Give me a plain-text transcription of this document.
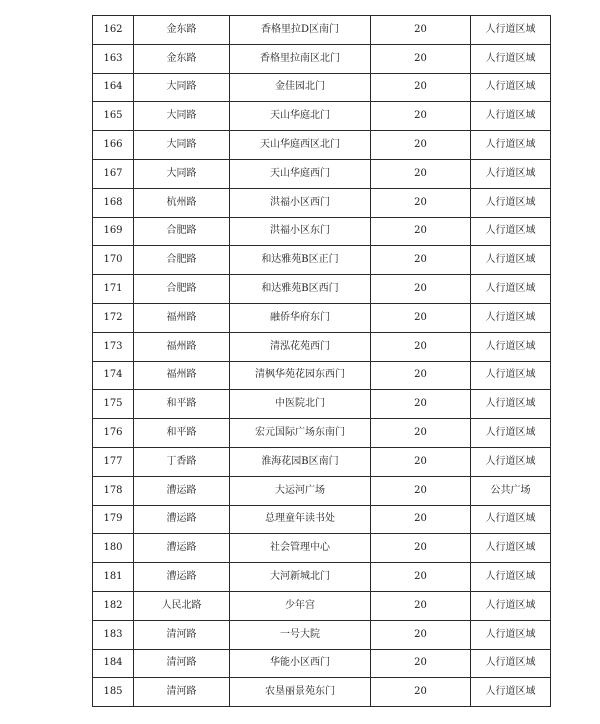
162	金东路	香格里拉D区南门	20	人行道区域
163	金东路	香格里拉南区北门	20	人行道区域
164	大同路	金佳园北门	20	人行道区域
165	大同路	天山华庭北门	20	人行道区域
166	大同路	天山华庭西区北门	20	人行道区域
167	大同路	天山华庭西门	20	人行道区域
168	杭州路	洪福小区西门	20	人行道区域
169	合肥路	洪福小区东门	20	人行道区域
170	合肥路	和达雅苑B区正门	20	人行道区域
171	合肥路	和达雅苑B区西门	20	人行道区域
172	福州路	融侨华府东门	20	人行道区域
173	福州路	清泓花苑西门	20	人行道区域
174	福州路	清枫华苑花园东西门	20	人行道区域
175	和平路	中医院北门	20	人行道区域
176	和平路	宏元国际广场东南门	20	人行道区域
177	丁香路	淮海花园B区南门	20	人行道区域
178	漕运路	大运河广场	20	公共广场
179	漕运路	总理童年读书处	20	人行道区域
180	漕运路	社会管理中心	20	人行道区域
181	漕运路	大河新城北门	20	人行道区域
182	人民北路	少年宫	20	人行道区域
183	清河路	一号大院	20	人行道区域
184	清河路	华能小区西门	20	人行道区域
185	清河路	农垦丽景苑东门	20	人行道区域
